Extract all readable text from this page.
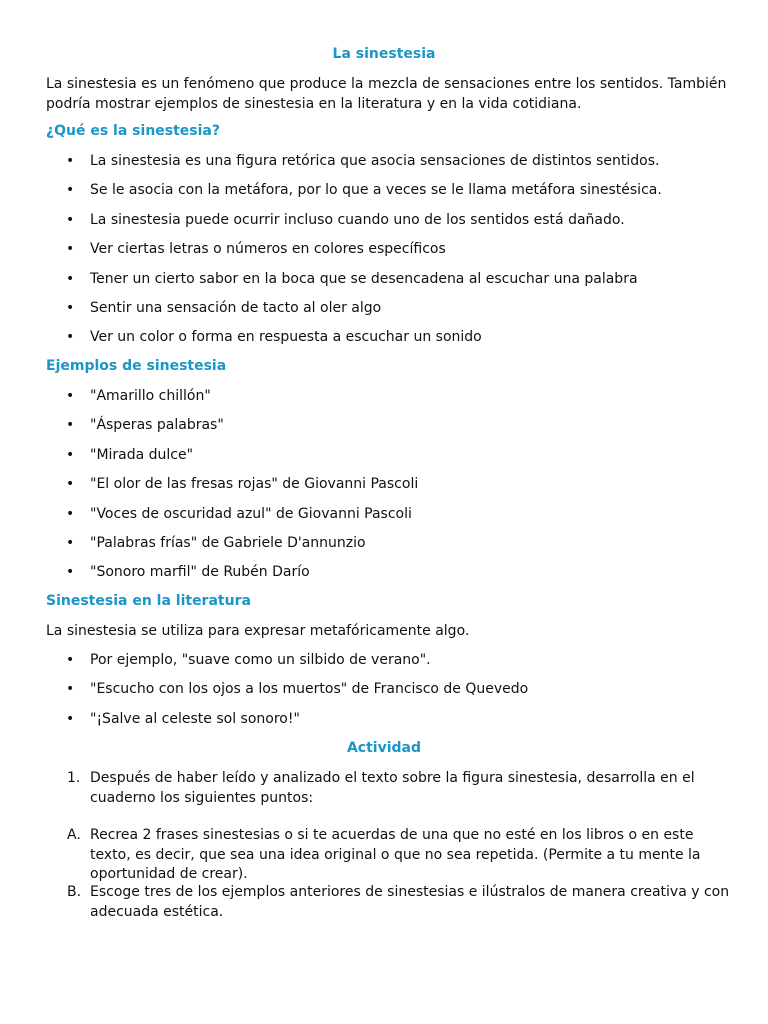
La sinestesia
La sinestesia es un fenómeno que produce la mezcla de sensaciones entre los sentidos. También podría mostrar ejemplos de sinestesia en la literatura y en la vida cotidiana.
¿Qué es la sinestesia?
• La sinestesia es una figura retórica que asocia sensaciones de distintos sentidos.
• Se le asocia con la metáfora, por lo que a veces se le llama metáfora sinestésica.
• La sinestesia puede ocurrir incluso cuando uno de los sentidos está dañado.
• Ver ciertas letras o números en colores específicos
• Tener un cierto sabor en la boca que se desencadena al escuchar una palabra
• Sentir una sensación de tacto al oler algo
• Ver un color o forma en respuesta a escuchar un sonido
Ejemplos de sinestesia
• "Amarillo chillón"
• "Ásperas palabras"
• "Mirada dulce"
• "El olor de las fresas rojas" de Giovanni Pascoli
• "Voces de oscuridad azul" de Giovanni Pascoli
• "Palabras frías" de Gabriele D'annunzio
• "Sonoro marfil" de Rubén Darío
Sinestesia en la literatura
La sinestesia se utiliza para expresar metafóricamente algo.
• Por ejemplo, "suave como un silbido de verano".
• "Escucho con los ojos a los muertos" de Francisco de Quevedo
• "¡Salve al celeste sol sonoro!"
Actividad
1. Después de haber leído y analizado el texto sobre la figura sinestesia, desarrolla en el cuaderno los siguientes puntos:
A. Recrea 2 frases sinestesias o si te acuerdas de una que no esté en los libros o en este texto, es decir, que sea una idea original o que no sea repetida. (Permite a tu mente la oportunidad de crear).
B. Escoge tres de los ejemplos anteriores de sinestesias e ilústralos de manera creativa y con adecuada estética.
